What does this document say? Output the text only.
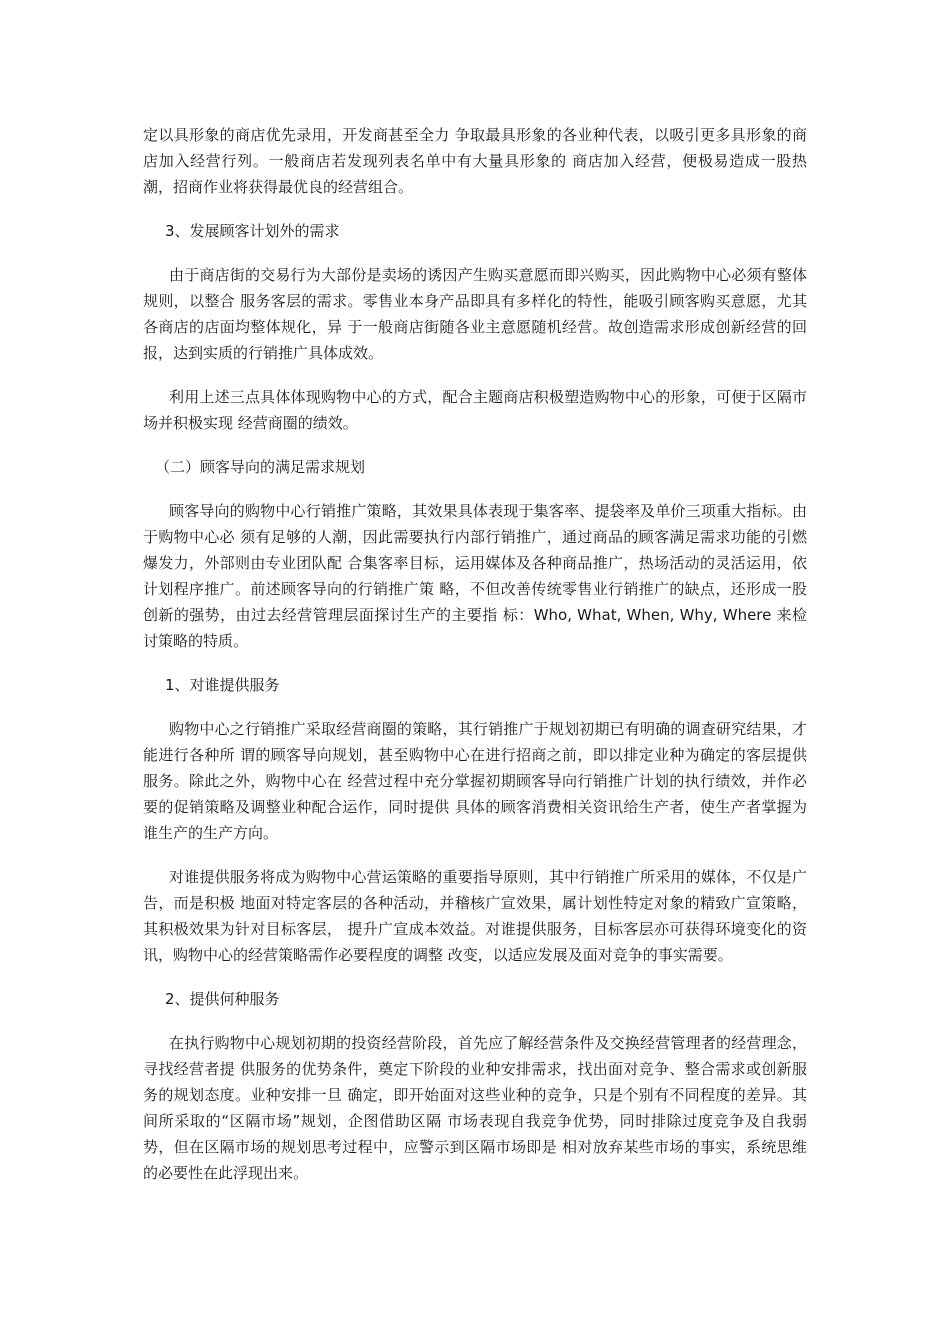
定以具形象的商店优先录用，开发商甚至全力 争取最具形象的各业种代表，以吸引更多具形象的商店加入经营行列。一般商店若发现列表名单中有大量具形象的 商店加入经营，便极易造成一股热潮，招商作业将获得最优良的经营组合。

3、发展顾客计划外的需求

由于商店街的交易行为大部份是卖场的诱因产生购买意愿而即兴购买，因此购物中心必须有整体规则，以整合 服务客层的需求。零售业本身产品即具有多样化的特性，能吸引顾客购买意愿，尤其各商店的店面均整体规化，异 于一般商店街随各业主意愿随机经营。故创造需求形成创新经营的回报，达到实质的行销推广具体成效。

利用上述三点具体体现购物中心的方式，配合主题商店积极塑造购物中心的形象，可便于区隔市场并积极实现 经营商圈的绩效。

（二）顾客导向的满足需求规划

顾客导向的购物中心行销推广策略，其效果具体表现于集客率、提袋率及单价三项重大指标。由于购物中心必 须有足够的人潮，因此需要执行内部行销推广，通过商品的顾客满足需求功能的引燃爆发力，外部则由专业团队配 合集客率目标，运用媒体及各种商品推广，热场活动的灵活运用，依计划程序推广。前述顾客导向的行销推广策 略，不但改善传统零售业行销推广的缺点，还形成一股创新的强势，由过去经营管理层面探讨生产的主要指 标：Who, What, When, Why, Where 来检讨策略的特质。

1、对谁提供服务

购物中心之行销推广采取经营商圈的策略，其行销推广于规划初期已有明确的调查研究结果，才能进行各种所 谓的顾客导向规划，甚至购物中心在进行招商之前，即以排定业种为确定的客层提供服务。除此之外，购物中心在 经营过程中充分掌握初期顾客导向行销推广计划的执行绩效，并作必要的促销策略及调整业种配合运作，同时提供 具体的顾客消费相关资讯给生产者，使生产者掌握为谁生产的生产方向。

对谁提供服务将成为购物中心营运策略的重要指导原则，其中行销推广所采用的媒体，不仅是广告，而是积极 地面对特定客层的各种活动，并稽核广宣效果，属计划性特定对象的精致广宣策略，其积极效果为针对目标客层， 提升广宣成本效益。对谁提供服务，目标客层亦可获得环境变化的资讯，购物中心的经营策略需作必要程度的调整 改变，以适应发展及面对竞争的事实需要。

2、提供何种服务

在执行购物中心规划初期的投资经营阶段，首先应了解经营条件及交换经营管理者的经营理念，寻找经营者提 供服务的优势条件，奠定下阶段的业种安排需求，找出面对竞争、整合需求或创新服务的规划态度。业种安排一旦 确定，即开始面对这些业种的竞争，只是个别有不同程度的差异。其间所采取的“区隔市场”规划，企图借助区隔 市场表现自我竞争优势，同时排除过度竞争及自我弱势，但在区隔市场的规划思考过程中，应警示到区隔市场即是 相对放弃某些市场的事实，系统思维的必要性在此浮现出来。
